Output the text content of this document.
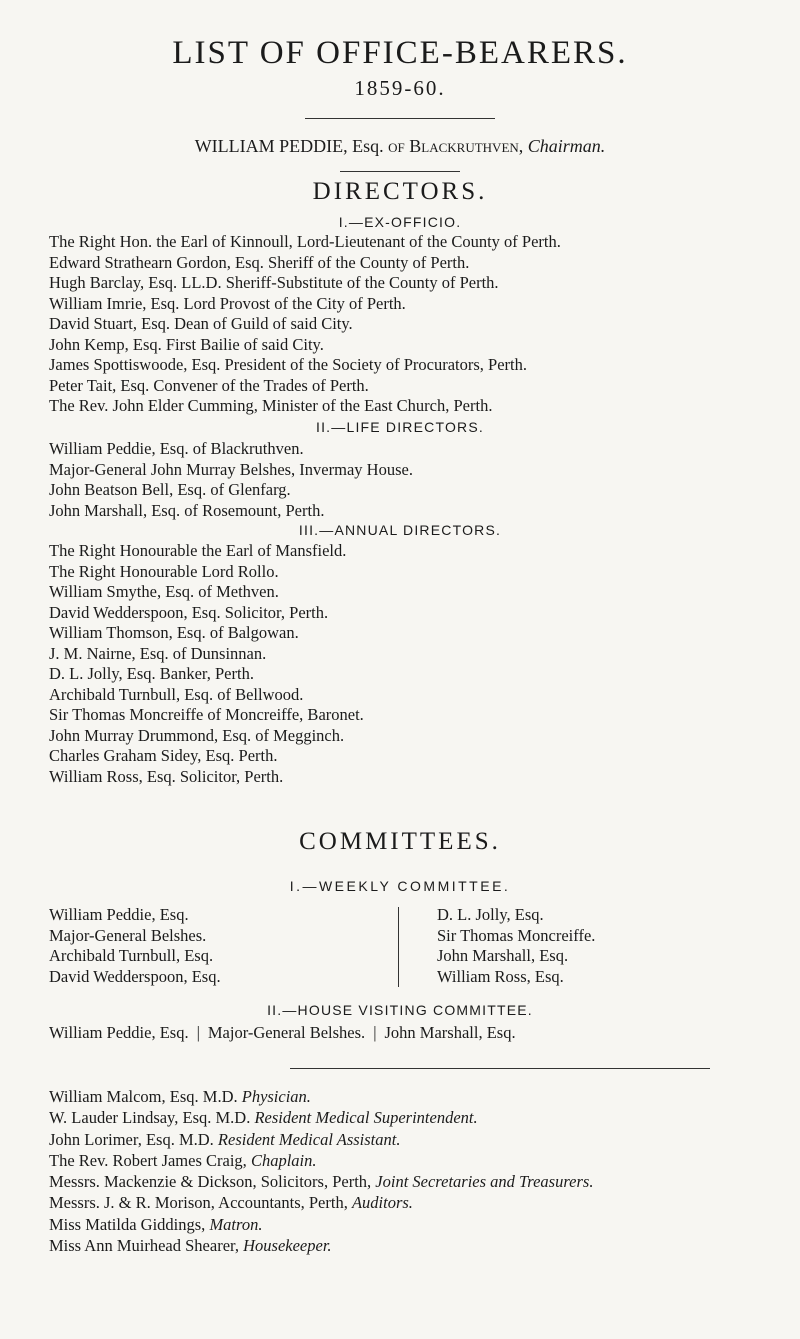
LIST OF OFFICE-BEARERS.
1859-60.
WILLIAM PEDDIE, Esq. of Blackruthven, Chairman.
DIRECTORS.
I.—EX-OFFICIO.
The Right Hon. the Earl of Kinnoull, Lord-Lieutenant of the County of Perth.
Edward Strathearn Gordon, Esq. Sheriff of the County of Perth.
Hugh Barclay, Esq. LL.D. Sheriff-Substitute of the County of Perth.
William Imrie, Esq. Lord Provost of the City of Perth.
David Stuart, Esq. Dean of Guild of said City.
John Kemp, Esq. First Bailie of said City.
James Spottiswoode, Esq. President of the Society of Procurators, Perth.
Peter Tait, Esq. Convener of the Trades of Perth.
The Rev. John Elder Cumming, Minister of the East Church, Perth.
II.—LIFE DIRECTORS.
William Peddie, Esq. of Blackruthven.
Major-General John Murray Belshes, Invermay House.
John Beatson Bell, Esq. of Glenfarg.
John Marshall, Esq. of Rosemount, Perth.
III.—ANNUAL DIRECTORS.
The Right Honourable the Earl of Mansfield.
The Right Honourable Lord Rollo.
William Smythe, Esq. of Methven.
David Wedderspoon, Esq. Solicitor, Perth.
William Thomson, Esq. of Balgowan.
J. M. Nairne, Esq. of Dunsinnan.
D. L. Jolly, Esq. Banker, Perth.
Archibald Turnbull, Esq. of Bellwood.
Sir Thomas Moncreiffe of Moncreiffe, Baronet.
John Murray Drummond, Esq. of Megginch.
Charles Graham Sidey, Esq. Perth.
William Ross, Esq. Solicitor, Perth.
COMMITTEES.
I.—WEEKLY COMMITTEE.
William Peddie, Esq.
Major-General Belshes.
Archibald Turnbull, Esq.
David Wedderspoon, Esq.
D. L. Jolly, Esq.
Sir Thomas Moncreiffe.
John Marshall, Esq.
William Ross, Esq.
II.—HOUSE VISITING COMMITTEE.
William Peddie, Esq. | Major-General Belshes. | John Marshall, Esq.
William Malcom, Esq. M.D. Physician.
W. Lauder Lindsay, Esq. M.D. Resident Medical Superintendent.
John Lorimer, Esq. M.D. Resident Medical Assistant.
The Rev. Robert James Craig, Chaplain.
Messrs. Mackenzie & Dickson, Solicitors, Perth, Joint Secretaries and Treasurers.
Messrs. J. & R. Morison, Accountants, Perth, Auditors.
Miss Matilda Giddings, Matron.
Miss Ann Muirhead Shearer, Housekeeper.
